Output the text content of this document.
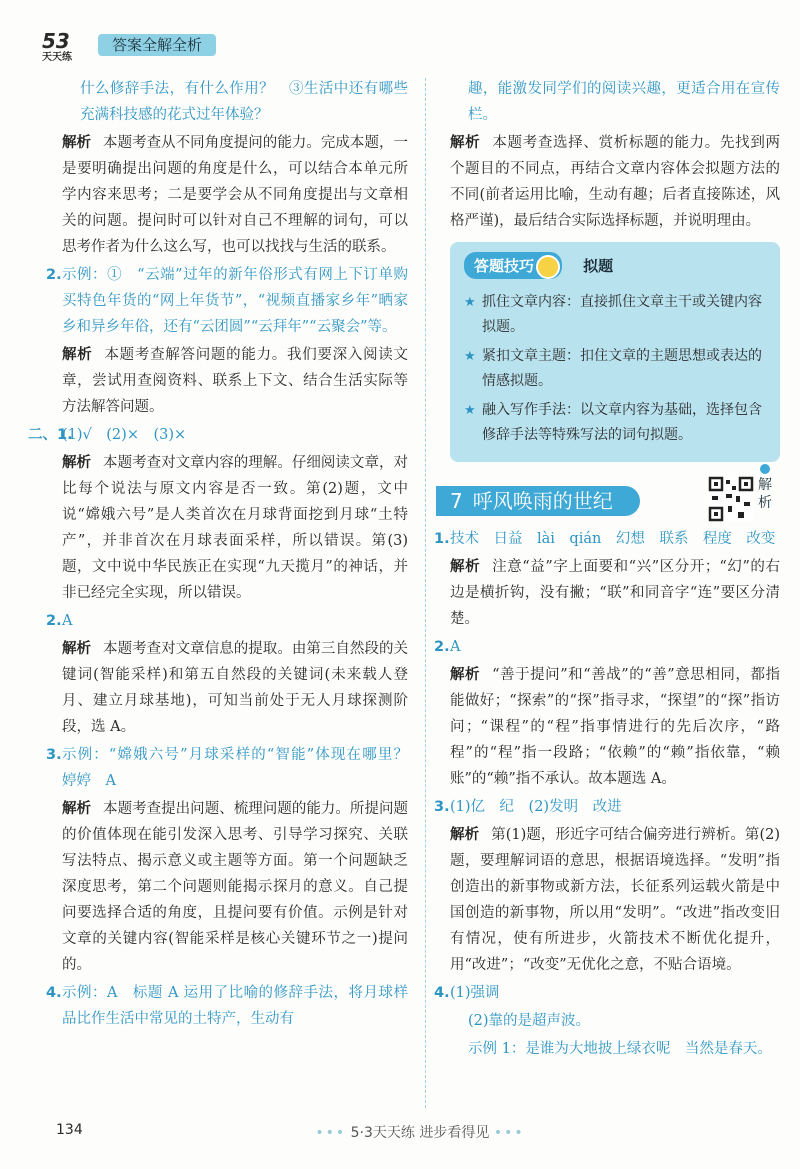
53
天天练
答案全解全析
什么修辞手法，有什么作用？　③生活中还有哪些充满科技感的花式过年体验？
解析 本题考查从不同角度提问的能力。完成本题，一是要明确提出问题的角度是什么，可以结合本单元所学内容来思考；二是要学会从不同角度提出与文章相关的问题。提问时可以针对自己不理解的词句，可以思考作者为什么这么写，也可以找找与生活的联系。
2. 示例：①　“云端”过年的新年俗形式有网上下订单购买特色年货的“网上年货节”，“视频直播家乡年”晒家乡和异乡年俗，还有“云团圆”“云拜年”“云聚会”等。
解析 本题考查解答问题的能力。我们要深入阅读文章，尝试用查阅资料、联系上下文、结合生活实际等方法解答问题。
二、1.
(1)√　(2)×　(3)×
解析 本题考查对文章内容的理解。仔细阅读文章，对比每个说法与原文内容是否一致。第(2)题，文中说“嫦娥六号”是人类首次在月球背面挖到月球“土特产”，并非首次在月球表面采样，所以错误。第(3)题，文中说中华民族正在实现“九天揽月”的神话，并非已经完全实现，所以错误。
2. A
解析 本题考查对文章信息的提取。由第三自然段的关键词(智能采样)和第五自然段的关键词(未来载人登月、建立月球基地)，可知当前处于无人月球探测阶段，选 A。
3. 示例：“嫦娥六号”月球采样的“智能”体现在哪里？　婷婷　A
解析 本题考查提出问题、梳理问题的能力。所提问题的价值体现在能引发深入思考、引导学习探究、关联写法特点、揭示意义或主题等方面。第一个问题缺乏深度思考，第二个问题则能揭示探月的意义。自己提问要选择合适的角度，且提问要有价值。示例是针对文章的关键内容(智能采样是核心关键环节之一)提问的。
4. 示例：A　标题 A 运用了比喻的修辞手法，将月球样品比作生活中常见的土特产，生动有
趣，能激发同学们的阅读兴趣，更适合用在宣传栏。
解析 本题考查选择、赏析标题的能力。先找到两个题目的不同点，再结合文章内容体会拟题方法的不同(前者运用比喻，生动有趣；后者直接陈述，风格严谨)，最后结合实际选择标题，并说明理由。
答题技巧	拟题
★ 抓住文章内容：直接抓住文章主干或关键内容拟题。
★ 紧扣文章主题：扣住文章的主题思想或表达的情感拟题。
★ 融入写作手法：以文章内容为基础，选择包含修辞手法等特殊写法的词句拟题。
7 呼风唤雨的世纪
解析
1. 技术　日益　lài　qián　幻想　联系　程度　改变
解析 注意“益”字上面要和“兴”区分开；“幻”的右边是横折钩，没有撇；“联”和同音字“连”要区分清楚。
2. A
解析 “善于提问”和“善战”的“善”意思相同，都指能做好；“探索”的“探”指寻求，“探望”的“探”指访问；“课程”的“程”指事情进行的先后次序，“路程”的“程”指一段路；“依赖”的“赖”指依靠，“赖账”的“赖”指不承认。故本题选 A。
3. (1)亿　纪　(2)发明　改进
解析 第(1)题，形近字可结合偏旁进行辨析。第(2)题，要理解词语的意思，根据语境选择。“发明”指创造出的新事物或新方法，长征系列运载火箭是中国创造的新事物，所以用“发明”。“改进”指改变旧有情况，使有所进步，火箭技术不断优化提升，用“改进”；“改变”无优化之意，不贴合语境。
4. (1)强调
(2)靠的是超声波。
示例 1：是谁为大地披上绿衣呢　当然是春天。
134	••• 5·3天天练 进步看得见 •••
